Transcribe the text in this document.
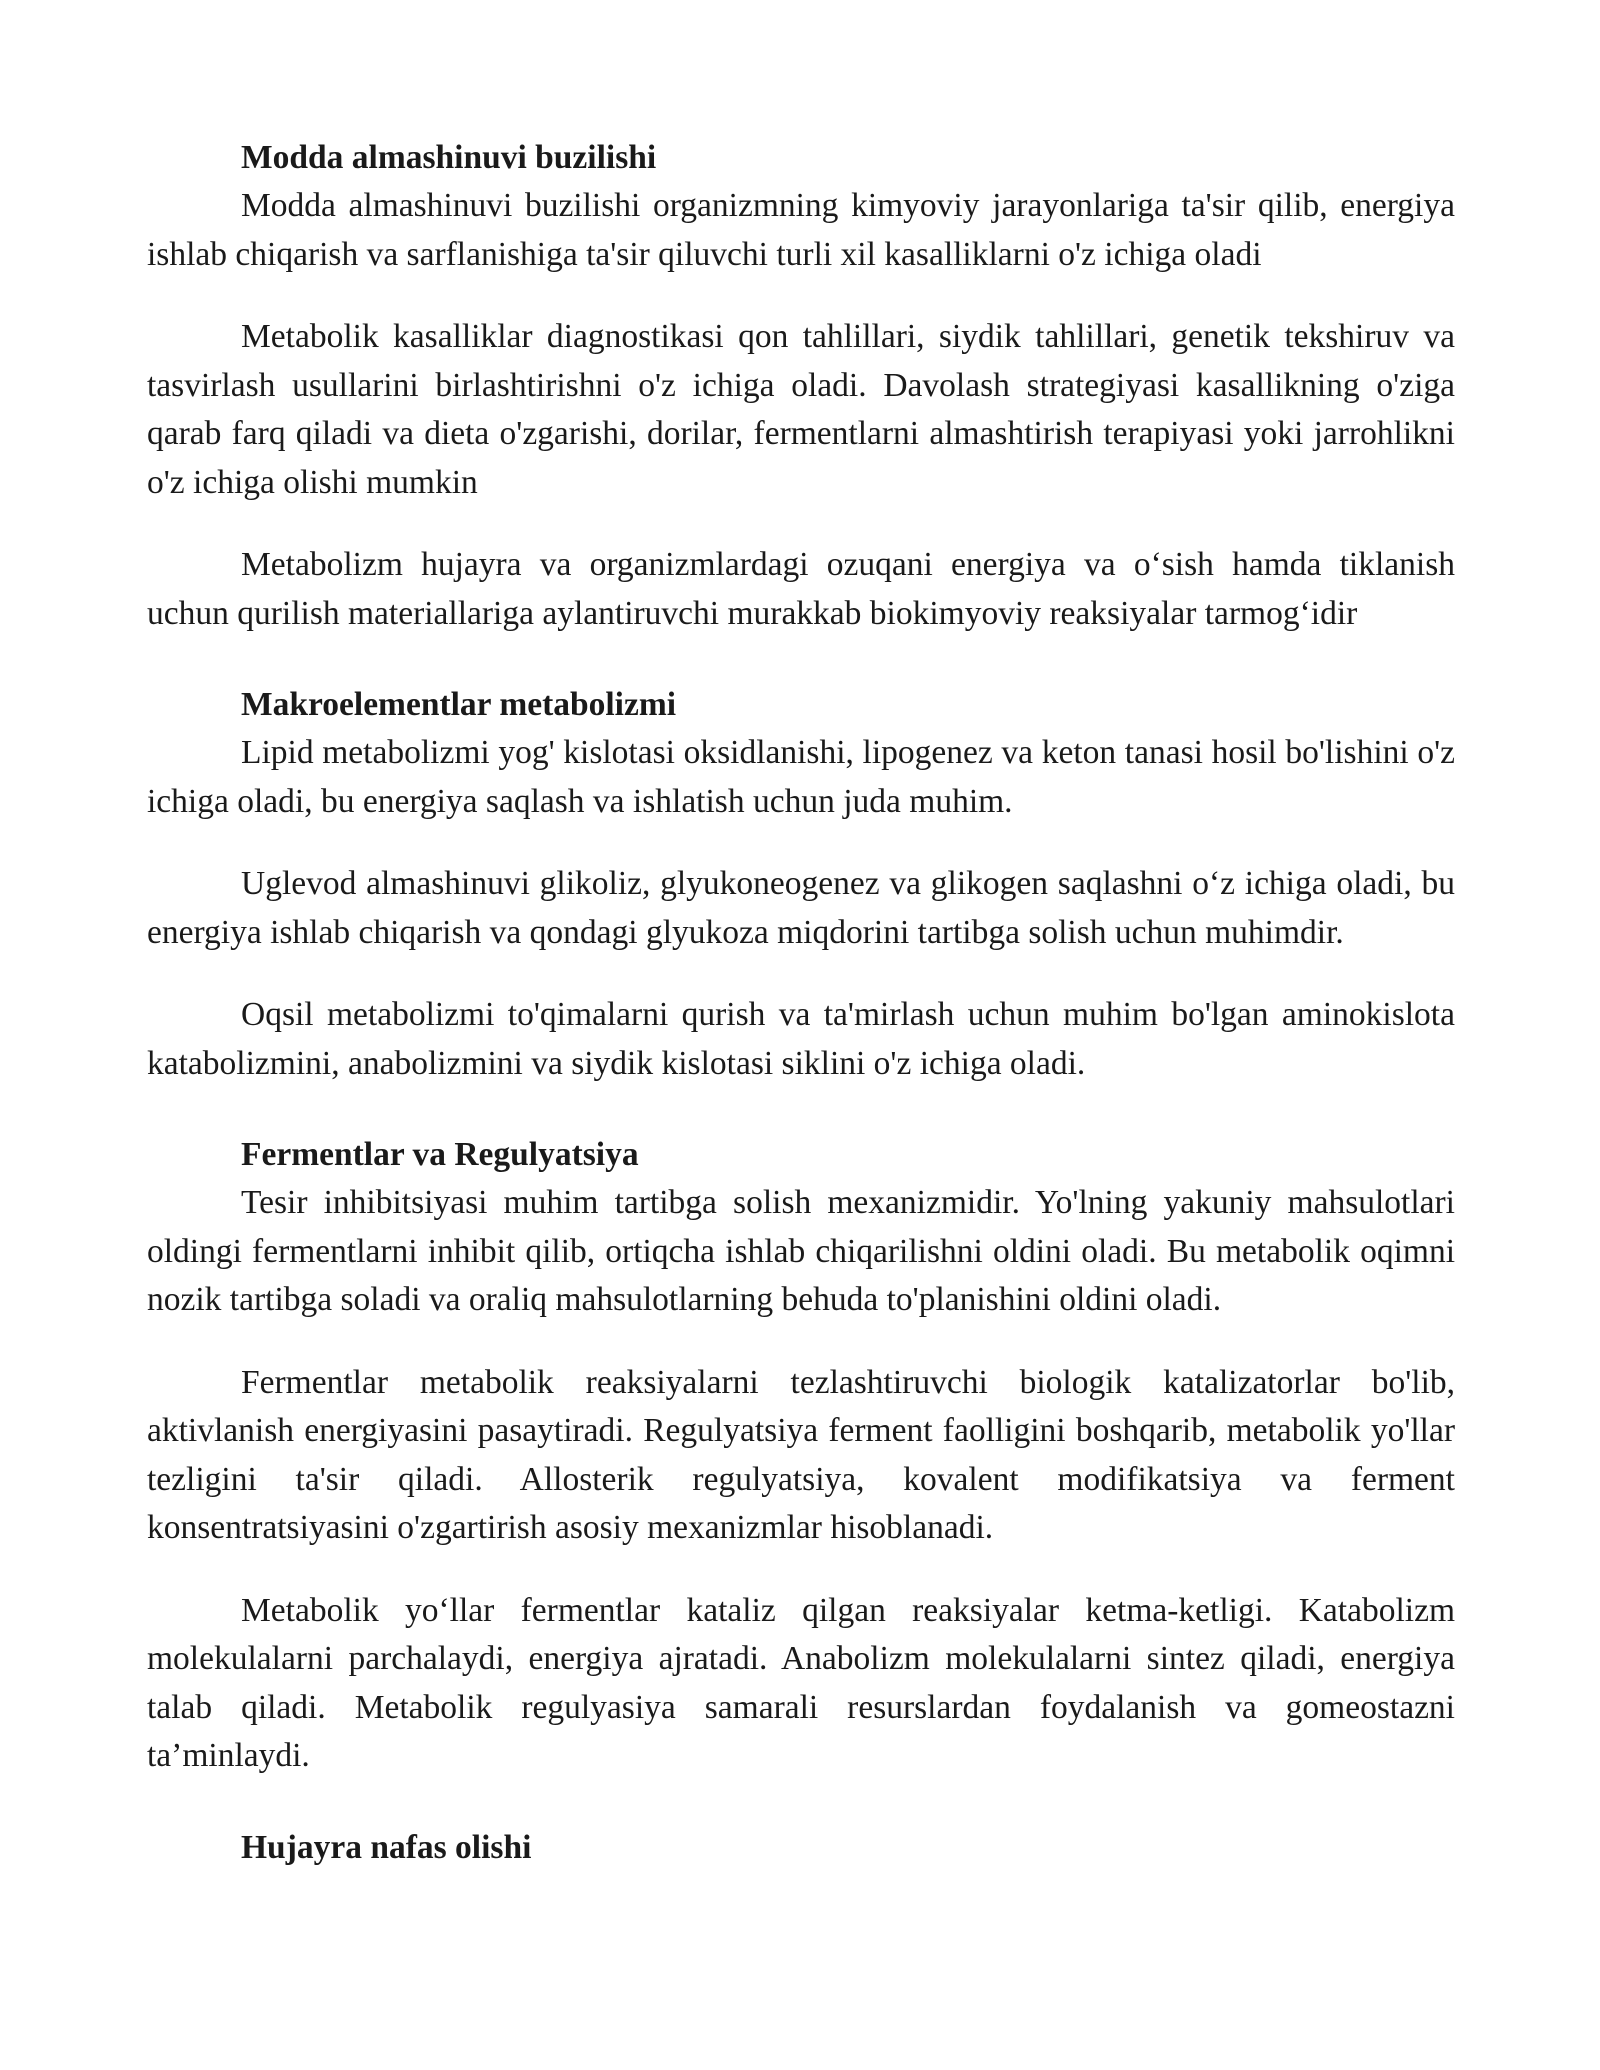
Modda almashinuvi buzilishi

Modda almashinuvi buzilishi organizmning kimyoviy jarayonlariga ta'sir qilib, energiya ishlab chiqarish va sarflanishiga ta'sir qiluvchi turli xil kasalliklarni o'z ichiga oladi

Metabolik kasalliklar diagnostikasi qon tahlillari, siydik tahlillari, genetik tekshiruv va tasvirlash usullarini birlashtirishni o'z ichiga oladi. Davolash strategiyasi kasallikning o'ziga qarab farq qiladi va dieta o'zgarishi, dorilar, fermentlarni almashtirish terapiyasi yoki jarrohlikni o'z ichiga olishi mumkin

Metabolizm hujayra va organizmlardagi ozuqani energiya va o‘sish hamda tiklanish uchun qurilish materiallariga aylantiruvchi murakkab biokimyoviy reaksiyalar tarmog‘idir

Makroelementlar metabolizmi

Lipid metabolizmi yog' kislotasi oksidlanishi, lipogenez va keton tanasi hosil bo'lishini o'z ichiga oladi, bu energiya saqlash va ishlatish uchun juda muhim.

Uglevod almashinuvi glikoliz, glyukoneogenez va glikogen saqlashni o‘z ichiga oladi, bu energiya ishlab chiqarish va qondagi glyukoza miqdorini tartibga solish uchun muhimdir.

Oqsil metabolizmi to'qimalarni qurish va ta'mirlash uchun muhim bo'lgan aminokislota katabolizmini, anabolizmini va siydik kislotasi siklini o'z ichiga oladi.

Fermentlar va Regulyatsiya

Tesir inhibitsiyasi muhim tartibga solish mexanizmidir. Yo'lning yakuniy mahsulotlari oldingi fermentlarni inhibit qilib, ortiqcha ishlab chiqarilishni oldini oladi. Bu metabolik oqimni nozik tartibga soladi va oraliq mahsulotlarning behuda to'planishini oldini oladi.

Fermentlar metabolik reaksiyalarni tezlashtiruvchi biologik katalizatorlar bo'lib, aktivlanish energiyasini pasaytiradi. Regulyatsiya ferment faolligini boshqarib, metabolik yo'llar tezligini ta'sir qiladi. Allosterik regulyatsiya, kovalent modifikatsiya va ferment konsentratsiyasini o'zgartirish asosiy mexanizmlar hisoblanadi.

Metabolik yo‘llar fermentlar kataliz qilgan reaksiyalar ketma-ketligi. Katabolizm molekulalarni parchalaydi, energiya ajratadi. Anabolizm molekulalarni sintez qiladi, energiya talab qiladi. Metabolik regulyasiya samarali resurslardan foydalanish va gomeostazni ta’minlaydi.

Hujayra nafas olishi
